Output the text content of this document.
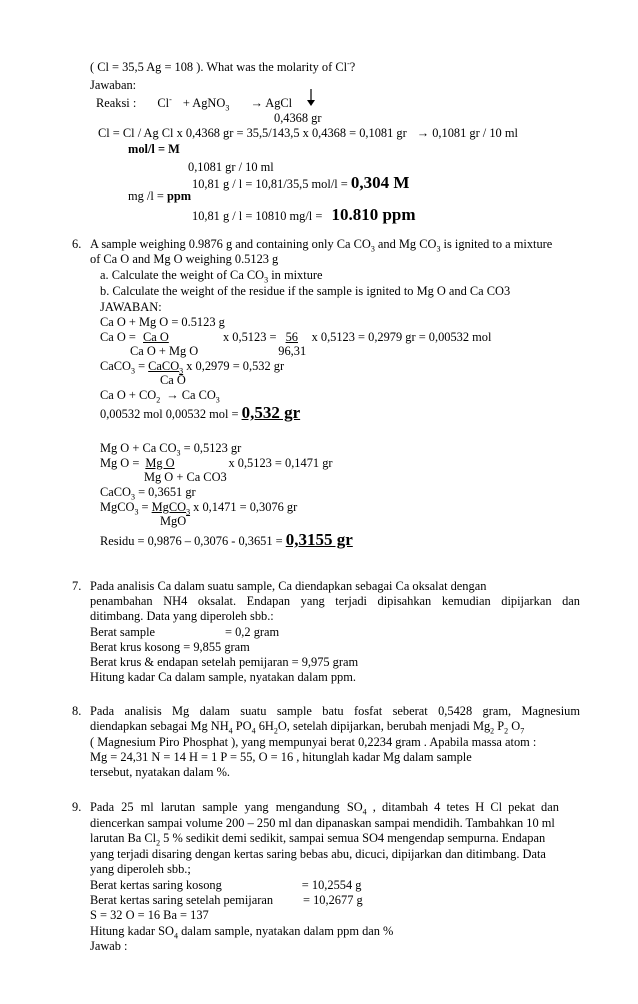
( Cl = 35,5 Ag = 108 ). What was the molarity of Cl-?
Jawaban:
Reaksi : Cl- + AgNO$_3$ → AgCl
0,4368 gr
Cl = Cl / Ag Cl x 0,4368 gr = 35,5/143,5 x 0,4368 = 0,1081 gr → 0,1081 gr / 10 ml
mol/l = M
0,1081 gr / 10 ml
10,81 g / l = 10,81/35,5 mol/l = 0,304 M
mg /l = ppm
10,81 g / l = 10810 mg/l = 10.810 ppm
6. A sample weighing 0.9876 g and containing only Ca $CO_3$ and Mg $CO_3$ is ignited to a mixture
of Ca O and Mg O weighing 0.5123 g
a. Calculate the weight of Ca $CO_3$ in mixture
b. Calculate the weight of the residue if the sample is ignited to Mg O and Ca CO3
JAWABAN:
Ca O + Mg O = 0.5123 g
Ca O = Ca O	x 0,5123 = 56 x 0,5123 = 0,2979 gr = 0,00532 mol
Ca O + Mg O	96,31
CaCO$_3$ = CaCO$_3$ x 0,2979 = 0,532 gr
Ca O
Ca $O + CO_2 \to Ca$ $CO_3$
0,00532 mol 0,00532 mol = 0,532 gr
Mg O + Ca $CO_3 = 0,5123$ gr
Mg O = Mg O	x 0,5123 = 0,1471 gr
Mg O + Ca CO3
CaCO$_3$ = 0,3651 gr
MgCO$_3$ = MgCO$_3$ x 0,1471 = 0,3076 gr
MgO
Residu = 0,9876 – 0,3076 - 0,3651 = 0,3155 gr
7. Pada analisis Ca dalam suatu sample, Ca diendapkan sebagai Ca oksalat dengan
penambahan NH4 oksalat. Endapan yang terjadi dipisahkan kemudian dipijarkan dan
ditimbang. Data yang diperoleh sbb.:
Berat sample	= 0,2 gram
Berat krus kosong = 9,855 gram
Berat krus & endapan setelah pemijaran = 9,975 gram
Hitung kadar Ca dalam sample, nyatakan dalam ppm.
8. Pada analisis Mg dalam suatu sample batu fosfat seberat 0,5428 gram, Magnesium
diendapkan sebagai Mg $NH_4$ $PO_4$ $6H_2O$, setelah dipijarkan, berubah menjadi $Mg_2$ $P_2$ $O_7$
( Magnesium Piro Phosphat ), yang mempunyai berat 0,2234 gram . Apabila massa atom :
Mg = 24,31 N = 14 H = 1 P = 55, O = 16 , hitunglah kadar Mg dalam sample
tersebut, nyatakan dalam %.
9. Pada 25 ml larutan sample yang mengandung $SO_4$ , ditambah 4 tetes H Cl pekat dan
diencerkan sampai volume 200 – 250 ml dan dipanaskan sampai mendidih. Tambahkan 10 ml
larutan Ba $Cl_2$ 5 % sedikit demi sedikit, sampai semua SO4 mengendap sempurna. Endapan
yang terjadi disaring dengan kertas saring bebas abu, dicuci, dipijarkan dan ditimbang. Data
yang diperoleh sbb.;
Berat kertas saring kosong	= 10,2554 g
Berat kertas saring setelah pemijaran = 10,2677 g
S = 32 O = 16 Ba = 137
Hitung kadar $SO_4$ dalam sample, nyatakan dalam ppm dan %
Jawab :
